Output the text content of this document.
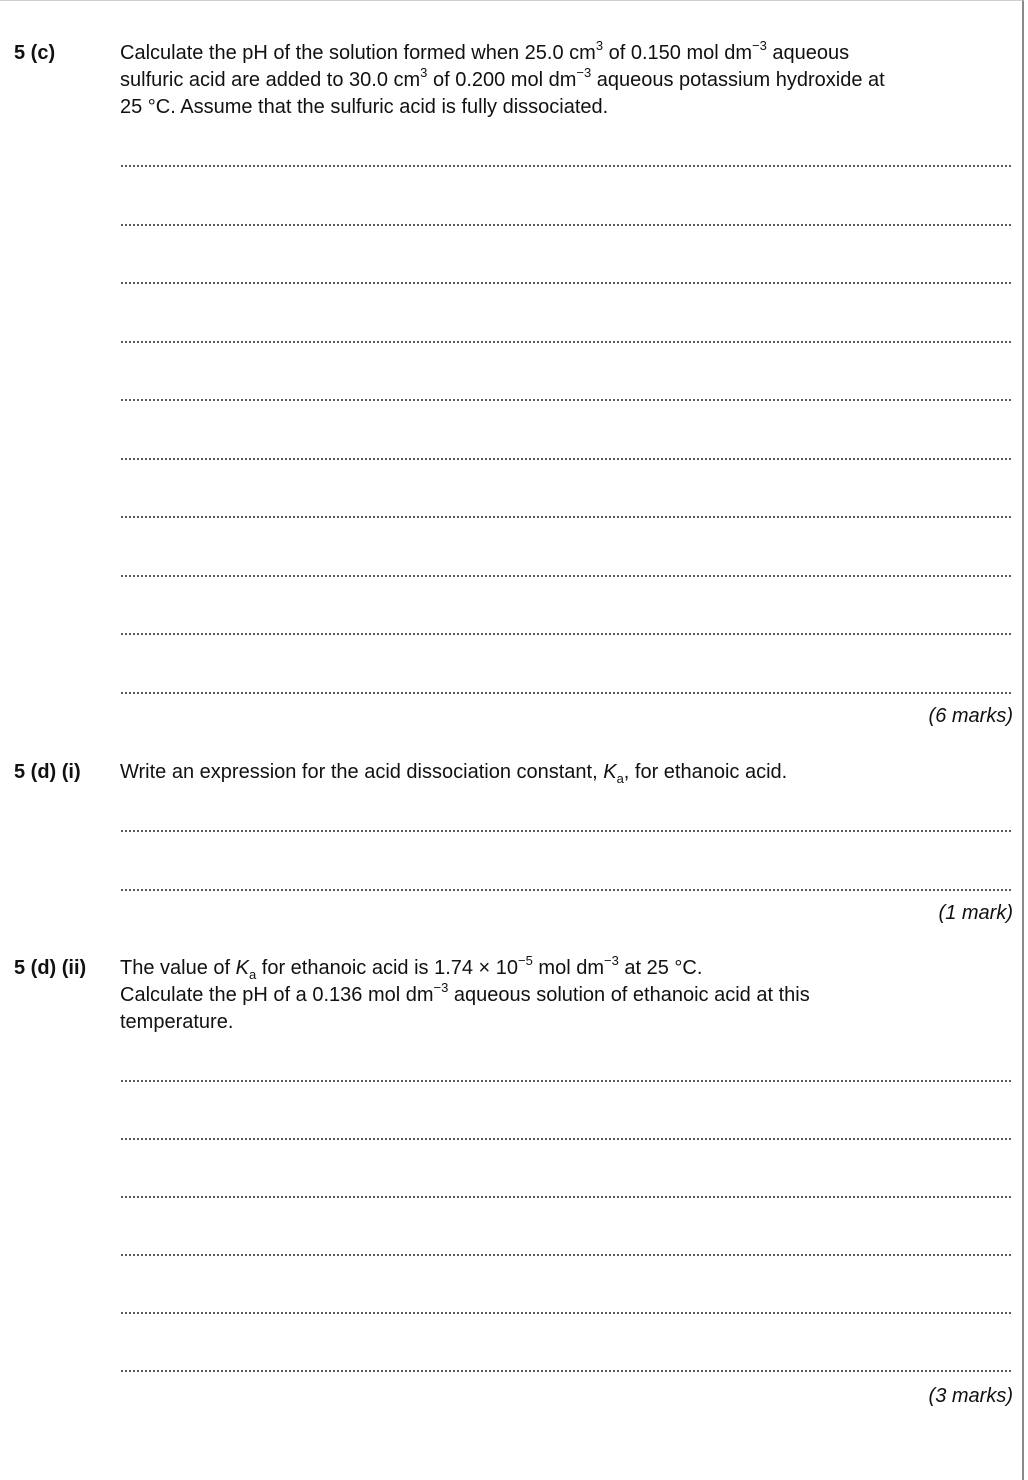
5 (c)	Calculate the pH of the solution formed when 25.0 $cm^3$ of 0.150 mol $dm^{-3}$ aqueous
sulfuric acid are added to 30.0 $cm^3$ of 0.200 mol $dm^{-3}$ aqueous potassium hydroxide at
25 °C. Assume that the sulfuric acid is fully dissociated.
(6 marks)
5 (d) (i) Write an expression for the acid dissociation constant, $K_a$, for ethanoic acid.
(1 mark)
5 (d) (ii) The value of $K_a$ for ethanoic acid is $1.74 \times 10^{-5}$ mol $dm^{-3}$ at 25 °C.
Calculate the pH of a 0.136 mol $dm^{-3}$ aqueous solution of ethanoic acid at this
temperature.
(3 marks)
